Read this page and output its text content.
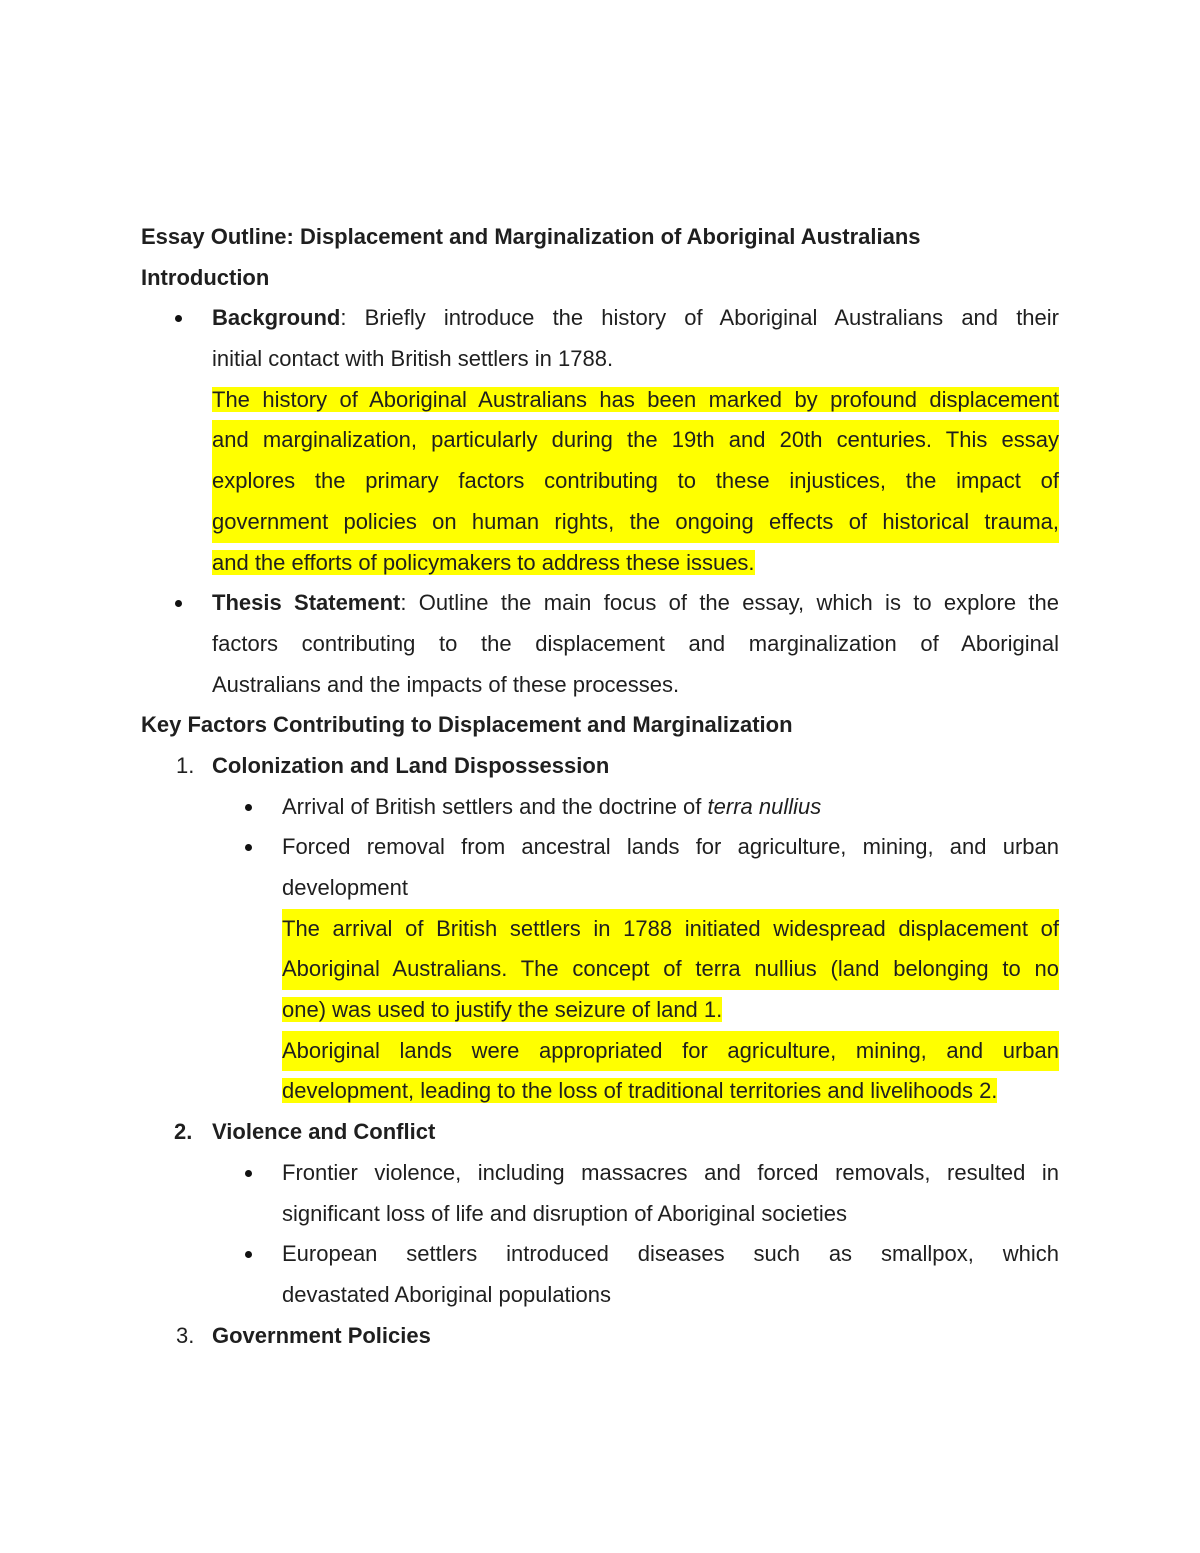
Essay Outline: Displacement and Marginalization of Aboriginal Australians
Introduction
Background: Briefly introduce the history of Aboriginal Australians and their
initial contact with British settlers in 1788.
The history of Aboriginal Australians has been marked by profound displacement
and marginalization, particularly during the 19th and 20th centuries. This essay
explores the primary factors contributing to these injustices, the impact of
government policies on human rights, the ongoing effects of historical trauma,
and the efforts of policymakers to address these issues.
Thesis Statement: Outline the main focus of the essay, which is to explore the
factors contributing to the displacement and marginalization of Aboriginal
Australians and the impacts of these processes.
Key Factors Contributing to Displacement and Marginalization
1. Colonization and Land Dispossession
Arrival of British settlers and the doctrine of terra nullius
Forced removal from ancestral lands for agriculture, mining, and urban
development
The arrival of British settlers in 1788 initiated widespread displacement of
Aboriginal Australians. The concept of terra nullius (land belonging to no
one) was used to justify the seizure of land 1.
Aboriginal lands were appropriated for agriculture, mining, and urban
development, leading to the loss of traditional territories and livelihoods 2.
2. Violence and Conflict
Frontier violence, including massacres and forced removals, resulted in
significant loss of life and disruption of Aboriginal societies
European settlers introduced diseases such as smallpox, which
devastated Aboriginal populations
3. Government Policies
